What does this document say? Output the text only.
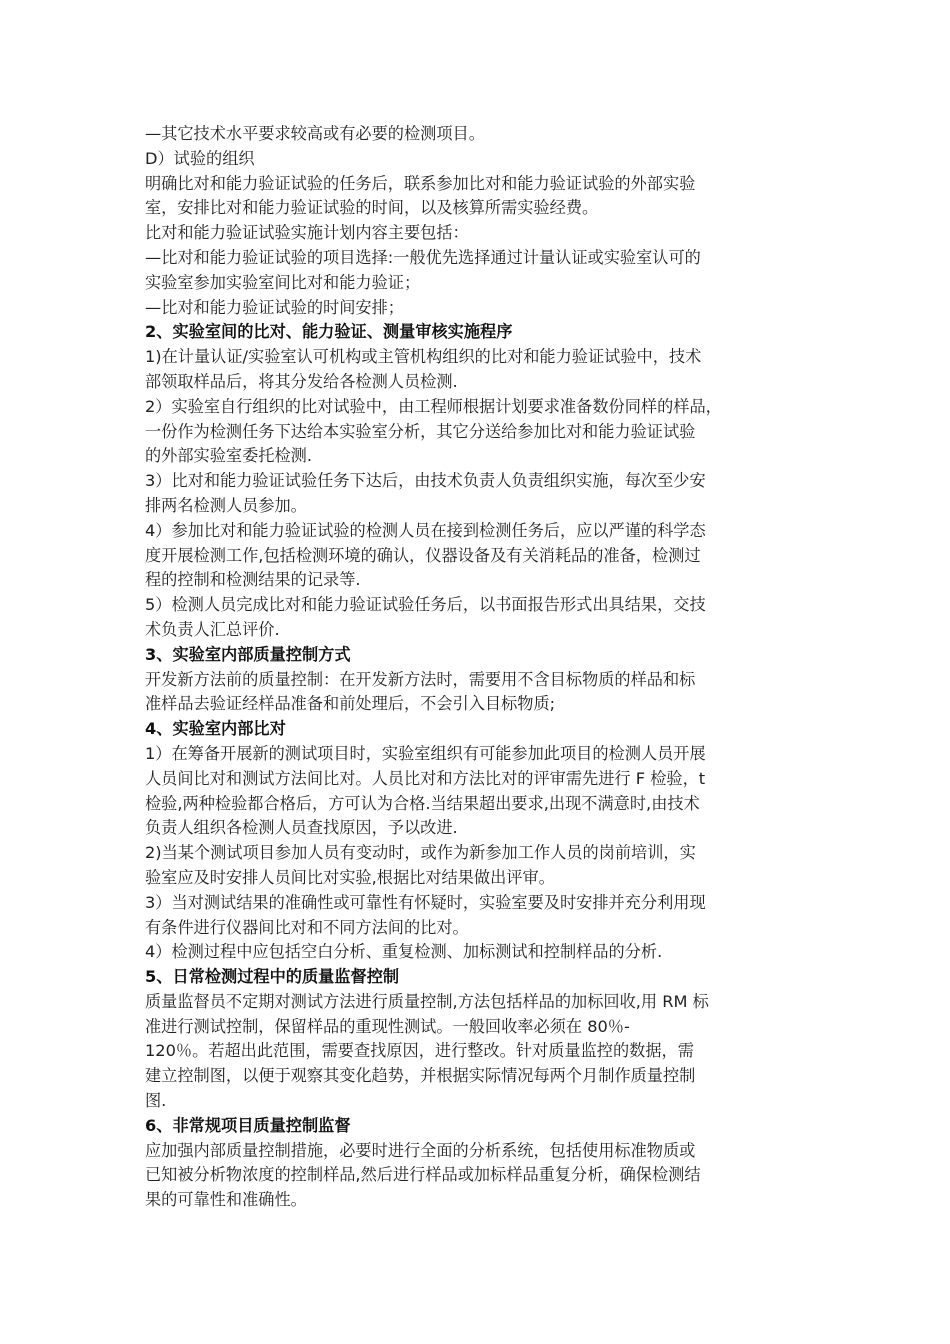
—其它技术水平要求较高或有必要的检测项目。
D）试验的组织
明确比对和能力验证试验的任务后，联系参加比对和能力验证试验的外部实验
室，安排比对和能力验证试验的时间，以及核算所需实验经费。
比对和能力验证试验实施计划内容主要包括：
—比对和能力验证试验的项目选择:一般优先选择通过计量认证或实验室认可的
实验室参加实验室间比对和能力验证；
—比对和能力验证试验的时间安排；
2、实验室间的比对、能力验证、测量审核实施程序
1)在计量认证/实验室认可机构或主管机构组织的比对和能力验证试验中，技术
部领取样品后，将其分发给各检测人员检测.
2）实验室自行组织的比对试验中，由工程师根据计划要求准备数份同样的样品，
一份作为检测任务下达给本实验室分析，其它分送给参加比对和能力验证试验
的外部实验室委托检测.
3）比对和能力验证试验任务下达后，由技术负责人负责组织实施，每次至少安
排两名检测人员参加。
4）参加比对和能力验证试验的检测人员在接到检测任务后，应以严谨的科学态
度开展检测工作,包括检测环境的确认，仪器设备及有关消耗品的准备，检测过
程的控制和检测结果的记录等.
5）检测人员完成比对和能力验证试验任务后，以书面报告形式出具结果，交技
术负责人汇总评价.
3、实验室内部质量控制方式
开发新方法前的质量控制：在开发新方法时，需要用不含目标物质的样品和标
准样品去验证经样品准备和前处理后，不会引入目标物质;
4、实验室内部比对
1）在筹备开展新的测试项目时，实验室组织有可能参加此项目的检测人员开展
人员间比对和测试方法间比对。人员比对和方法比对的评审需先进行 F 检验，t
检验,两种检验都合格后，方可认为合格.当结果超出要求,出现不满意时,由技术
负责人组织各检测人员查找原因，予以改进.
2)当某个测试项目参加人员有变动时，或作为新参加工作人员的岗前培训，实
验室应及时安排人员间比对实验,根据比对结果做出评审。
3）当对测试结果的准确性或可靠性有怀疑时，实验室要及时安排并充分利用现
有条件进行仪器间比对和不同方法间的比对。
4）检测过程中应包括空白分析、重复检测、加标测试和控制样品的分析.
5、日常检测过程中的质量监督控制
质量监督员不定期对测试方法进行质量控制,方法包括样品的加标回收,用 RM 标
准进行测试控制，保留样品的重现性测试。一般回收率必须在 80％-
120％。若超出此范围，需要查找原因，进行整改。针对质量监控的数据，需
建立控制图，以便于观察其变化趋势，并根据实际情况每两个月制作质量控制
图.
6、非常规项目质量控制监督
应加强内部质量控制措施，必要时进行全面的分析系统，包括使用标准物质或
已知被分析物浓度的控制样品,然后进行样品或加标样品重复分析，确保检测结
果的可靠性和准确性。
